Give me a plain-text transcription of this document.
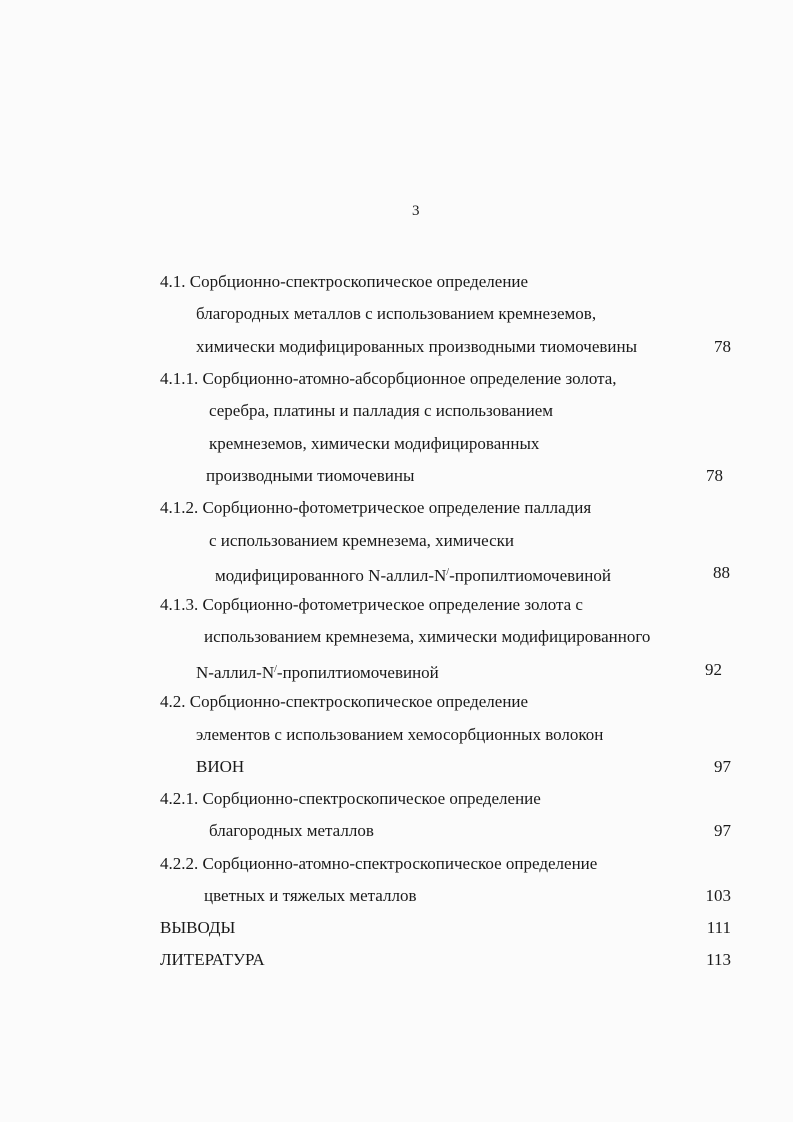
3
4.1. Сорбционно-спектроскопическое определение
благородных металлов с использованием кремнеземов,
химически модифицированных производными тиомочевины	78
4.1.1. Сорбционно-атомно-абсорбционное определение золота,
серебра, платины и палладия с использованием
кремнеземов, химически модифицированных
производными тиомочевины	78
4.1.2. Сорбционно-фотометрическое определение палладия
с использованием кремнезема, химически
модифицированного N-аллил-N/-пропилтиомочевиной	88
4.1.3. Сорбционно-фотометрическое определение золота с
использованием кремнезема, химически модифицированного
N-аллил-N/-пропилтиомочевиной	92
4.2. Сорбционно-спектроскопическое определение
элементов с использованием хемосорбционных волокон
ВИОН	97
4.2.1. Сорбционно-спектроскопическое определение
благородных металлов	97
4.2.2. Сорбционно-атомно-спектроскопическое определение
цветных и тяжелых металлов	103
ВЫВОДЫ	111
ЛИТЕРАТУРА	113
